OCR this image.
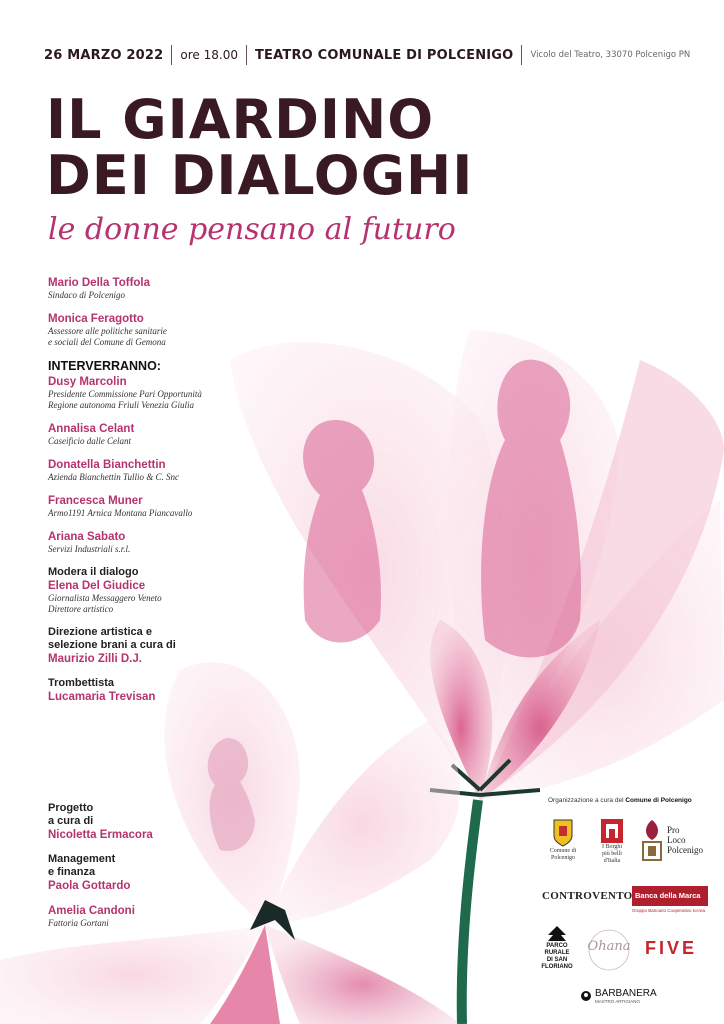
26 MARZO 2022 ore 18.00 TEATRO COMUNALE DI POLCENIGO Vicolo del Teatro, 33070 Polcenigo PN
IL GIARDINO
DEI DIALOGHI
le donne pensano al futuro
Mario Della Toffola
Sindaco di Polcenigo
Monica Feragotto
Assessore alle politiche sanitarie
e sociali del Comune di Gemona
INTERVERRANNO:
Dusy Marcolin
Presidente Commissione Pari Opportunità
Regione autonoma Friuli Venezia Giulia
Annalisa Celant
Caseificio dalle Celant
Donatella Bianchettin
Azienda Bianchettin Tullio & C. Snc
Francesca Muner
Armo1191 Arnica Montana Piancavallo
Ariana Sabato
Servizi Industriali s.r.l.
Modera il dialogo
Elena Del Giudice
Giornalista Messaggero Veneto
Direttore artistico
Direzione artistica e
selezione brani a cura di
Maurizio Zilli D.J.
Trombettista
Lucamaria Trevisan
Progetto
a cura di
Nicoletta Ermacora
Management
e finanza
Paola Gottardo
Amelia Candoni
Fattoria Gortani
Organizzazione a cura del Comune di Polcenigo
Comune di Polcenigo
I Borghi
più belli
d'Italia
Pro
Loco
Polcenigo
CONTROVENTO Banca della Marca
Gruppo Bancario Cooperativo Iccrea
PARCO
RURALE
DI SAN
FLORIANO
Ohana FIVE
BARBANERA
MASTRO ARTIGIANO
